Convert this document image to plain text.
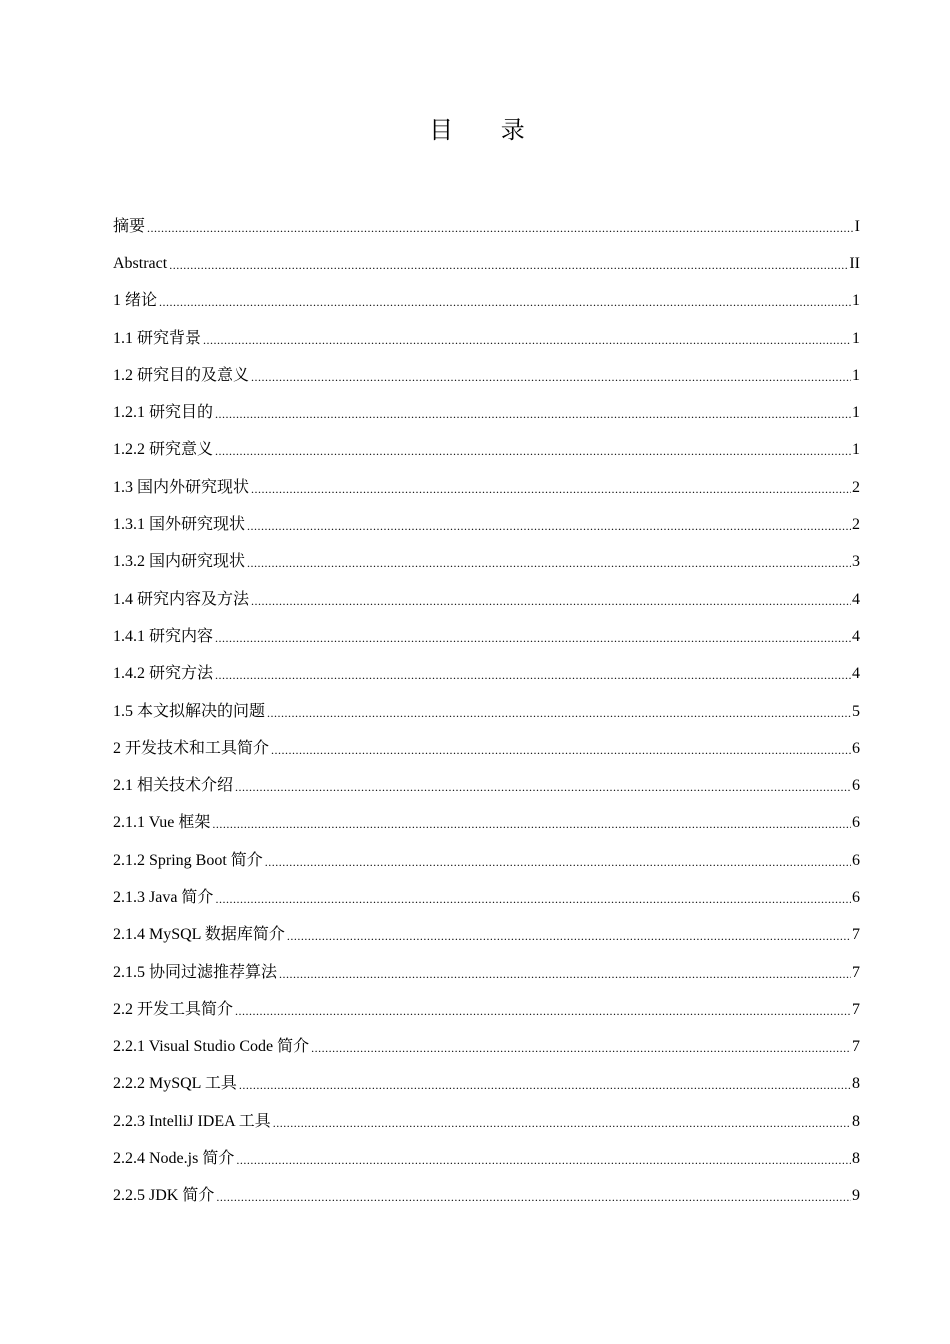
目 录
摘要 .....	I
Abstract .....	II
1 绪论 .....	1
1.1 研究背景 .....	1
1.2 研究目的及意义 .....	1
1.2.1 研究目的 .....	1
1.2.2 研究意义 .....	1
1.3 国内外研究现状 .....	2
1.3.1 国外研究现状 .....	2
1.3.2 国内研究现状 .....	3
1.4 研究内容及方法 .....	4
1.4.1 研究内容 .....	4
1.4.2 研究方法 .....	4
1.5 本文拟解决的问题 .....	5
2 开发技术和工具简介 .....	6
2.1 相关技术介绍 .....	6
2.1.1 Vue 框架 .....	6
2.1.2 Spring Boot 简介 .....	6
2.1.3 Java 简介 .....	6
2.1.4 MySQL 数据库简介 .....	7
2.1.5 协同过滤推荐算法 .....	7
2.2 开发工具简介 .....	7
2.2.1 Visual Studio Code 简介 .....	7
2.2.2 MySQL 工具 .....	8
2.2.3 IntelliJ IDEA 工具 .....	8
2.2.4 Node.js 简介 .....	8
2.2.5 JDK 简介 .....	9
